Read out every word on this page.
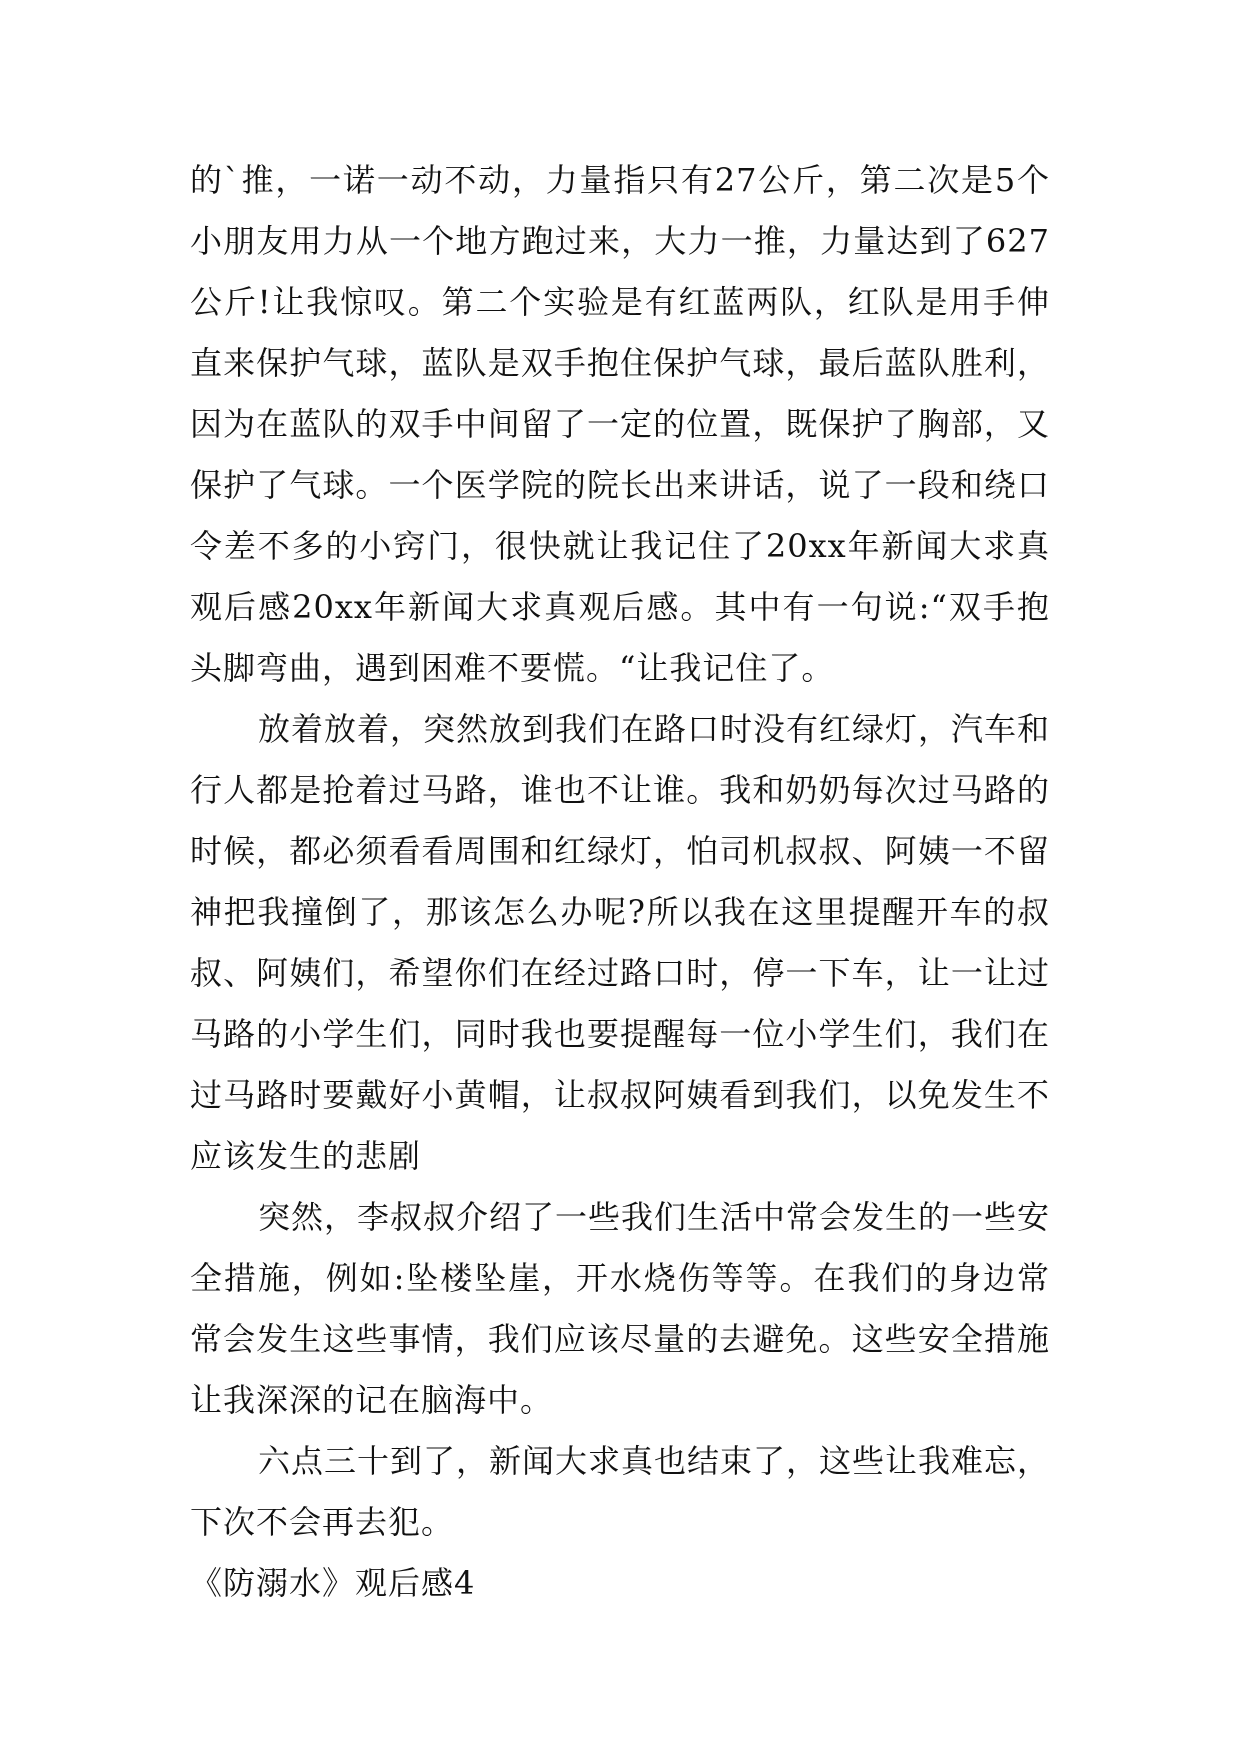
的`推，一诺一动不动，力量指只有27公斤，第二次是5个小朋友用力从一个地方跑过来，大力一推，力量达到了627公斤!让我惊叹。第二个实验是有红蓝两队，红队是用手伸直来保护气球，蓝队是双手抱住保护气球，最后蓝队胜利，因为在蓝队的双手中间留了一定的位置，既保护了胸部，又保护了气球。一个医学院的院长出来讲话，说了一段和绕口令差不多的小窍门，很快就让我记住了20xx年新闻大求真观后感20xx年新闻大求真观后感。其中有一句说:“双手抱头脚弯曲，遇到困难不要慌。“让我记住了。

放着放着，突然放到我们在路口时没有红绿灯，汽车和行人都是抢着过马路，谁也不让谁。我和奶奶每次过马路的时候，都必须看看周围和红绿灯，怕司机叔叔、阿姨一不留神把我撞倒了，那该怎么办呢?所以我在这里提醒开车的叔叔、阿姨们，希望你们在经过路口时，停一下车，让一让过马路的小学生们，同时我也要提醒每一位小学生们，我们在过马路时要戴好小黄帽，让叔叔阿姨看到我们，以免发生不应该发生的悲剧

突然，李叔叔介绍了一些我们生活中常会发生的一些安全措施，例如:坠楼坠崖，开水烧伤等等。在我们的身边常常会发生这些事情，我们应该尽量的去避免。这些安全措施让我深深的记在脑海中。

六点三十到了，新闻大求真也结束了，这些让我难忘，下次不会再去犯。

《防溺水》观后感4
